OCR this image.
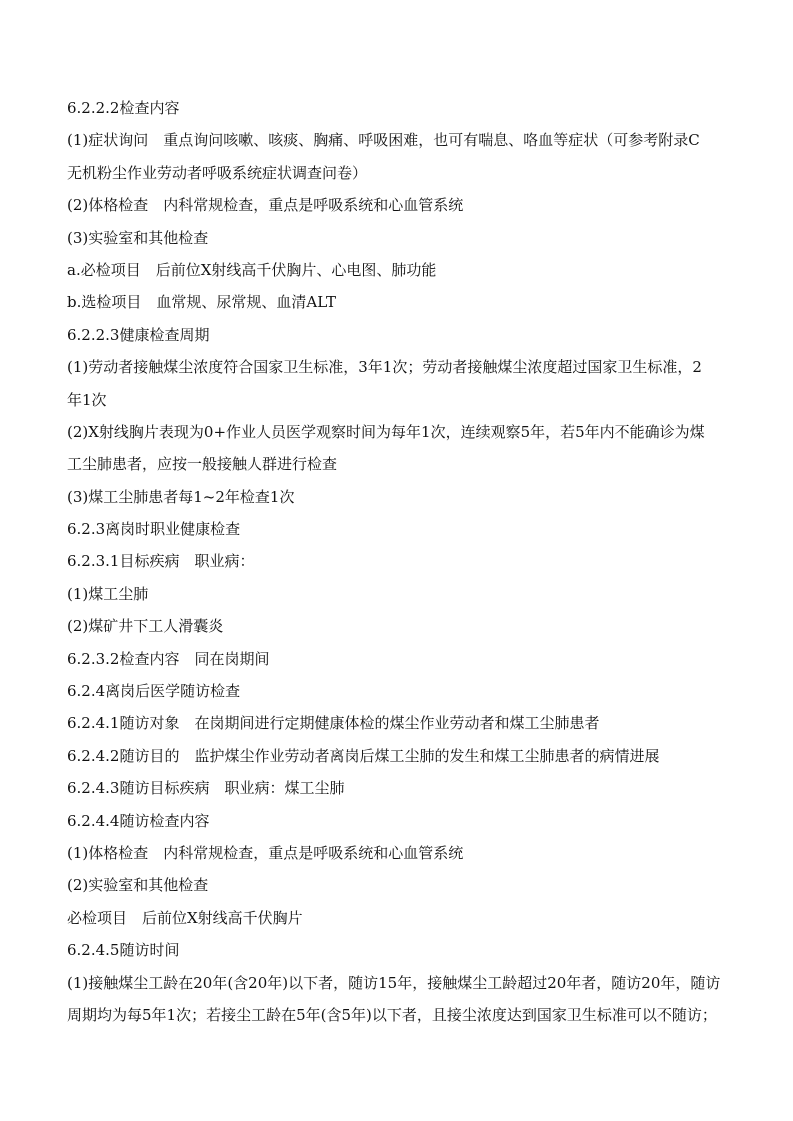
6.2.2.2检查内容
(1)症状询问　重点询问咳嗽、咳痰、胸痛、呼吸困难，也可有喘息、咯血等症状（可参考附录C
无机粉尘作业劳动者呼吸系统症状调查问卷）
(2)体格检查　内科常规检查，重点是呼吸系统和心血管系统
(3)实验室和其他检查
a.必检项目　后前位X射线高千伏胸片、心电图、肺功能
b.选检项目　血常规、尿常规、血清ALT
6.2.2.3健康检查周期
(1)劳动者接触煤尘浓度符合国家卫生标准，3年1次；劳动者接触煤尘浓度超过国家卫生标准，2
年1次
(2)X射线胸片表现为0+作业人员医学观察时间为每年1次，连续观察5年，若5年内不能确诊为煤
工尘肺患者，应按一般接触人群进行检查
(3)煤工尘肺患者每1~2年检查1次
6.2.3离岗时职业健康检查
6.2.3.1目标疾病　职业病：
(1)煤工尘肺
(2)煤矿井下工人滑囊炎
6.2.3.2检查内容　同在岗期间
6.2.4离岗后医学随访检查
6.2.4.1随访对象　在岗期间进行定期健康体检的煤尘作业劳动者和煤工尘肺患者
6.2.4.2随访目的　监护煤尘作业劳动者离岗后煤工尘肺的发生和煤工尘肺患者的病情进展
6.2.4.3随访目标疾病　职业病：煤工尘肺
6.2.4.4随访检查内容
(1)体格检查　内科常规检查，重点是呼吸系统和心血管系统
(2)实验室和其他检查
必检项目　后前位X射线高千伏胸片
6.2.4.5随访时间
(1)接触煤尘工龄在20年(含20年)以下者，随访15年，接触煤尘工龄超过20年者，随访20年，随访
周期均为每5年1次；若接尘工龄在5年(含5年)以下者，且接尘浓度达到国家卫生标准可以不随访；
